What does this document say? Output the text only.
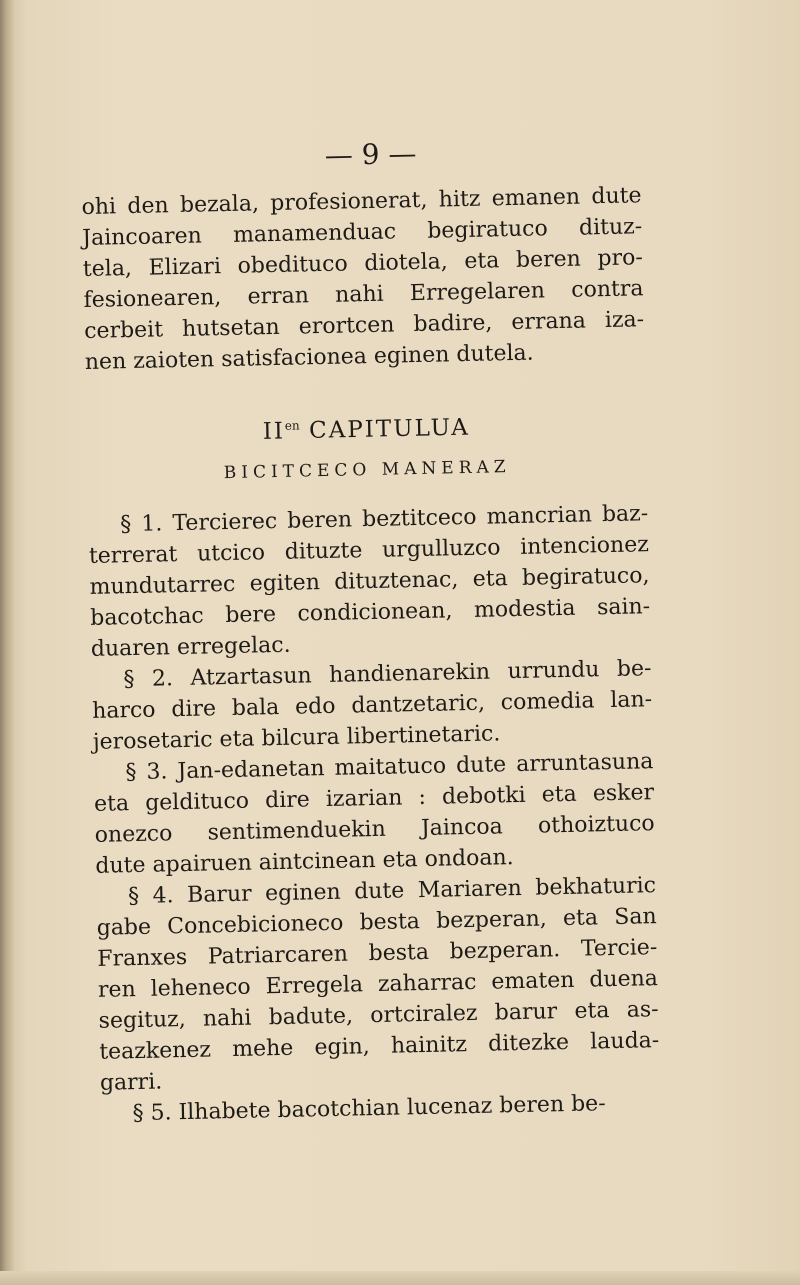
— 9 —
ohi den bezala, profesionerat, hitz emanen dute
Jaincoaren manamenduac begiratuco dituz-
tela, Elizari obedituco diotela, eta beren pro-
fesionearen, erran nahi Erregelaren contra
cerbeit hutsetan erortcen badire, errana iza-
nen zaioten satisfacionea eginen dutela.
$II^{en}$ CAPITULUA
BICITCECO MANERAZ
§ 1. Tercierec beren beztitceco mancrian baz-
terrerat utcico dituzte urgulluzco intencionez
mundutarrec egiten dituztenac, eta begiratuco,
bacotchac bere condicionean, modestia sain-
duaren erregelac.
§ 2. Atzartasun handienarekin urrundu be-
harco dire bala edo dantzetaric, comedia lan-
jerosetaric eta bilcura libertinetaric.
§ 3. Jan-edanetan maitatuco dute arruntasuna
eta geldituco dire izarian : debotki eta esker
onezco sentimenduekin Jaincoa othoiztuco
dute apairuen aintcinean eta ondoan.
§ 4. Barur eginen dute Mariaren bekhaturic
gabe Concebicioneco besta bezperan, eta San
Franxes Patriarcaren besta bezperan. Tercie-
ren leheneco Erregela zaharrac ematen duena
segituz, nahi badute, ortciralez barur eta as-
teazkenez mehe egin, hainitz ditezke lauda-
garri.
§ 5. Ilhabete bacotchian lucenaz beren be-
